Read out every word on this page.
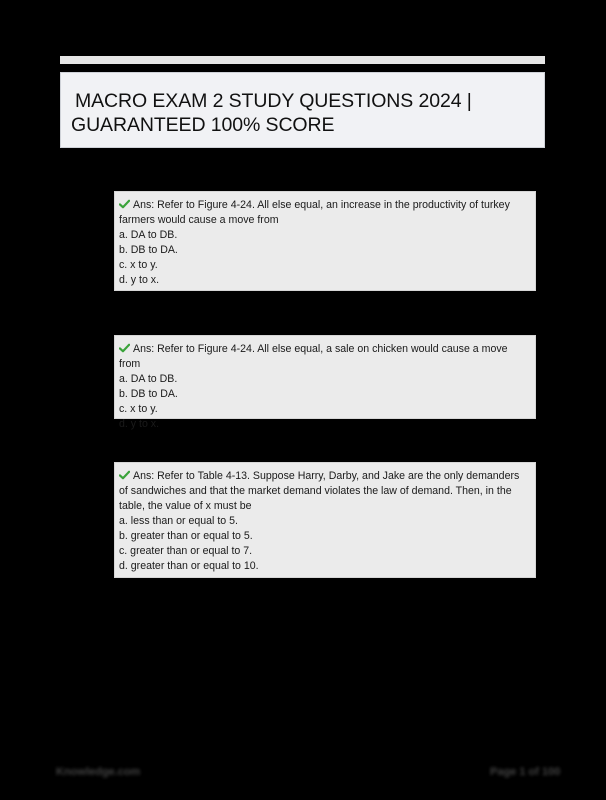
MACRO EXAM 2 STUDY QUESTIONS 2024 |
GUARANTEED 100% SCORE
Ans: Refer to Figure 4-24. All else equal, an increase in the productivity of turkey farmers would cause a move from
a. DA to DB.
b. DB to DA.
c. x to y.
d. y to x.
Ans: Refer to Figure 4-24. All else equal, a sale on chicken would cause a move from
a. DA to DB.
b. DB to DA.
c. x to y.
d. y to x.
Ans: Refer to Table 4-13. Suppose Harry, Darby, and Jake are the only demanders of sandwiches and that the market demand violates the law of demand. Then, in the table, the value of x must be
a. less than or equal to 5.
b. greater than or equal to 5.
c. greater than or equal to 7.
d. greater than or equal to 10.
Knowledge.com	Page 1 of 100
